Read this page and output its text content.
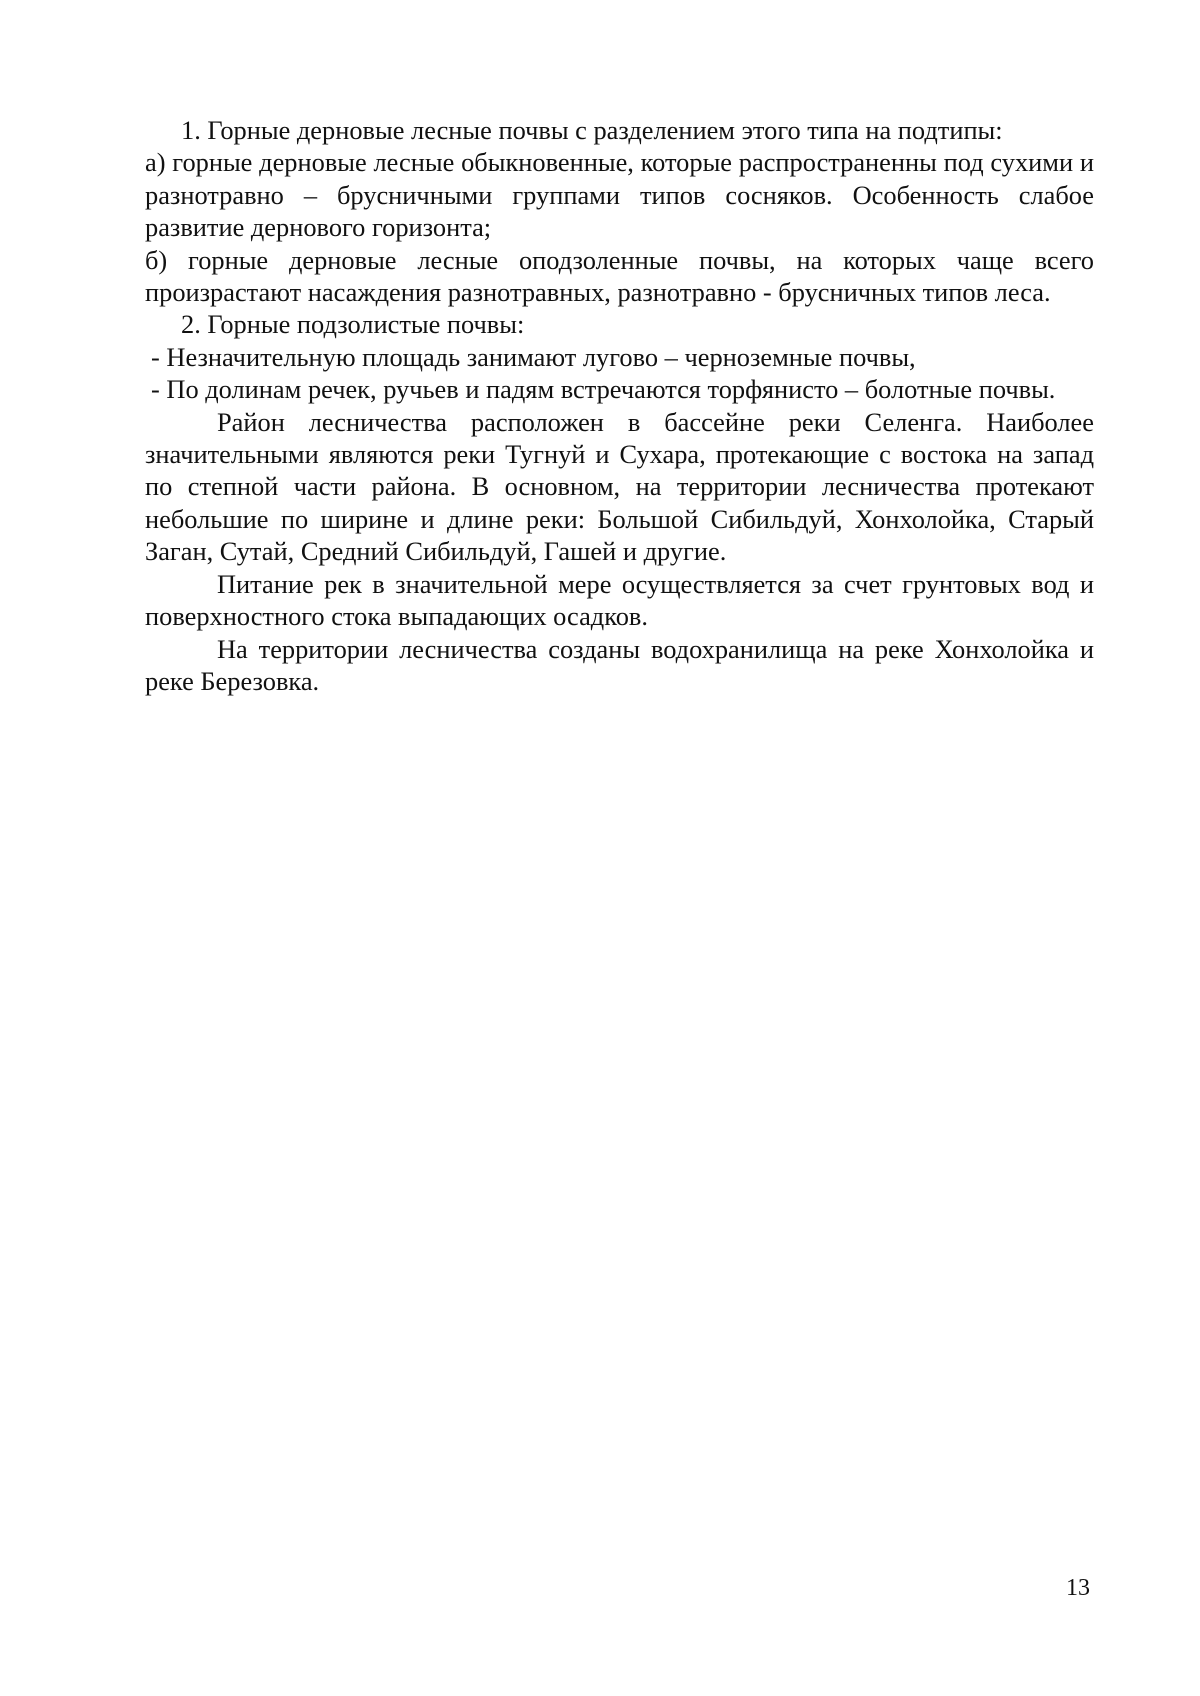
1. Горные дерновые лесные почвы с разделением этого типа на подтипы:

а) горные дерновые лесные обыкновенные, которые распространенны под сухими и разнотравно – брусничными группами типов сосняков. Особенность слабое развитие дернового горизонта;

б) горные дерновые лесные оподзоленные почвы, на которых чаще всего произрастают насаждения разнотравных, разнотравно - брусничных типов леса.

2. Горные подзолистые почвы:

- Незначительную площадь занимают лугово – черноземные почвы,

- По долинам речек, ручьев и падям встречаются торфянисто – болотные почвы.

Район лесничества расположен в бассейне реки Селенга. Наиболее значительными являются реки Тугнуй и Сухара, протекающие с востока на запад по степной части района. В основном, на территории лесничества протекают небольшие по ширине и длине реки: Большой Сибильдуй, Хонхолойка, Старый Заган, Сутай, Средний Сибильдуй, Гашей и другие.

Питание рек в значительной мере осуществляется за счет грунтовых вод и поверхностного стока выпадающих осадков.

На территории лесничества созданы водохранилища на реке Хонхолойка и реке Березовка.

13
